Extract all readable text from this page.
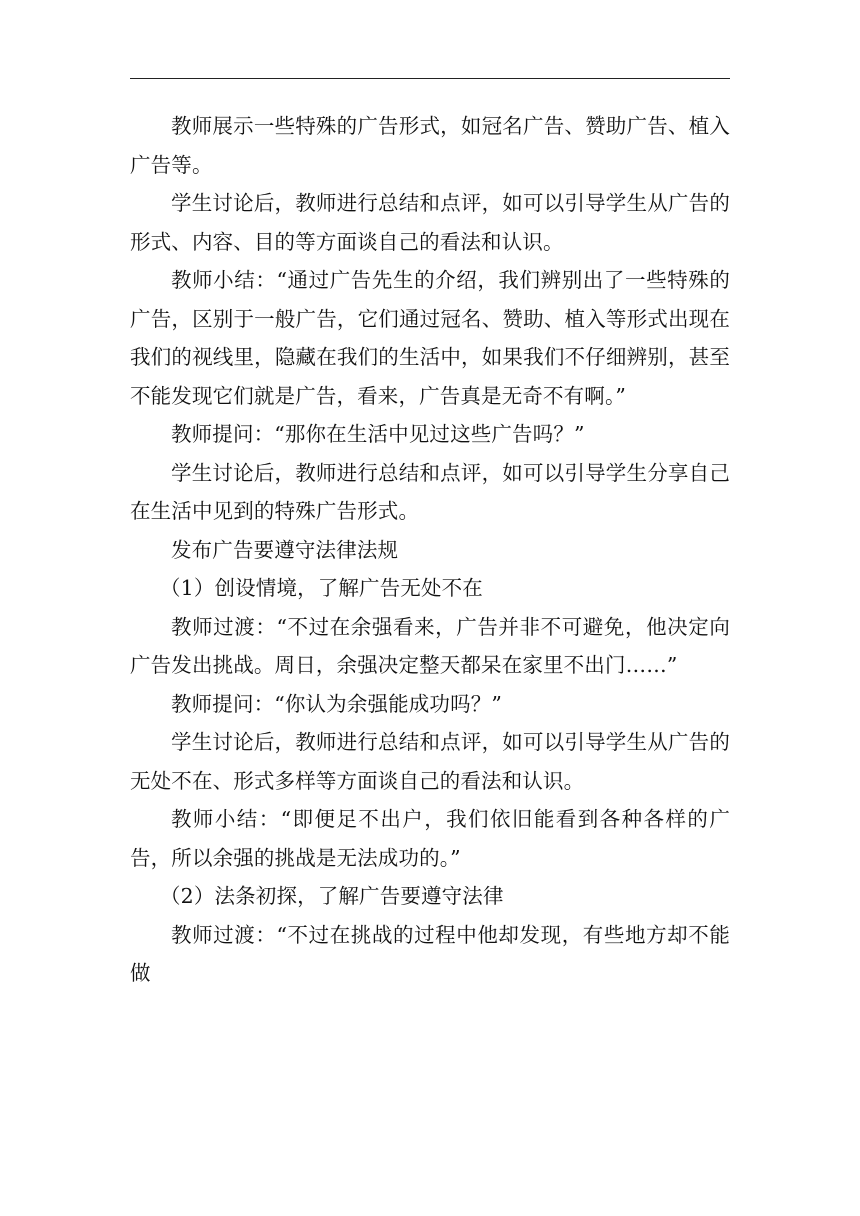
教师展示一些特殊的广告形式，如冠名广告、赞助广告、植入广告等。

学生讨论后，教师进行总结和点评，如可以引导学生从广告的形式、内容、目的等方面谈自己的看法和认识。

教师小结：“通过广告先生的介绍，我们辨别出了一些特殊的广告，区别于一般广告，它们通过冠名、赞助、植入等形式出现在我们的视线里，隐藏在我们的生活中，如果我们不仔细辨别，甚至不能发现它们就是广告，看来，广告真是无奇不有啊。”

教师提问：“那你在生活中见过这些广告吗？”

学生讨论后，教师进行总结和点评，如可以引导学生分享自己在生活中见到的特殊广告形式。

发布广告要遵守法律法规

（1）创设情境，了解广告无处不在

教师过渡：“不过在余强看来，广告并非不可避免，他决定向广告发出挑战。周日，余强决定整天都呆在家里不出门……”

教师提问：“你认为余强能成功吗？”

学生讨论后，教师进行总结和点评，如可以引导学生从广告的无处不在、形式多样等方面谈自己的看法和认识。

教师小结：“即便足不出户，我们依旧能看到各种各样的广告，所以余强的挑战是无法成功的。”

（2）法条初探，了解广告要遵守法律

教师过渡：“不过在挑战的过程中他却发现，有些地方却不能做
